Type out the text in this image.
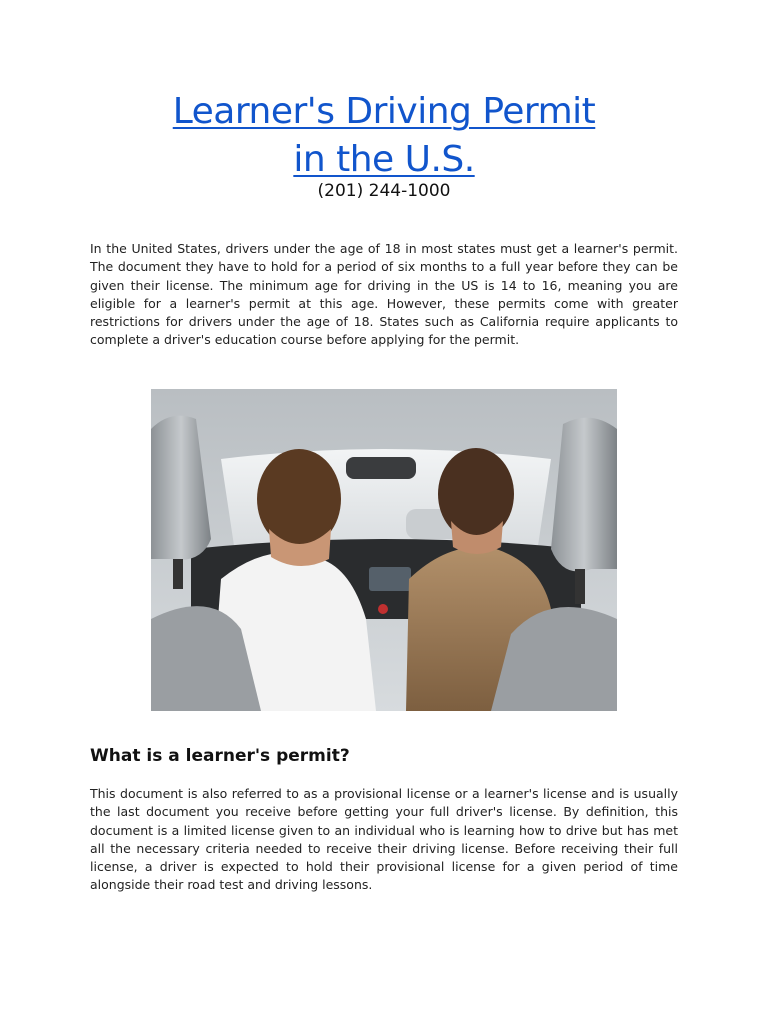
Learner's Driving Permit
in the U.S.
(201) 244-1000

In the United States, drivers under the age of 18 in most states must get a learner's permit. The document they have to hold for a period of six months to a full year before they can be given their license. The minimum age for driving in the US is 14 to 16, meaning you are eligible for a learner's permit at this age. However, these permits come with greater restrictions for drivers under the age of 18. States such as California require applicants to complete a driver's education course before applying for the permit.

What is a learner's permit?

This document is also referred to as a provisional license or a learner's license and is usually the last document you receive before getting your full driver's license. By definition, this document is a limited license given to an individual who is learning how to drive but has met all the necessary criteria needed to receive their driving license. Before receiving their full license, a driver is expected to hold their provisional license for a given period of time alongside their road test and driving lessons.
